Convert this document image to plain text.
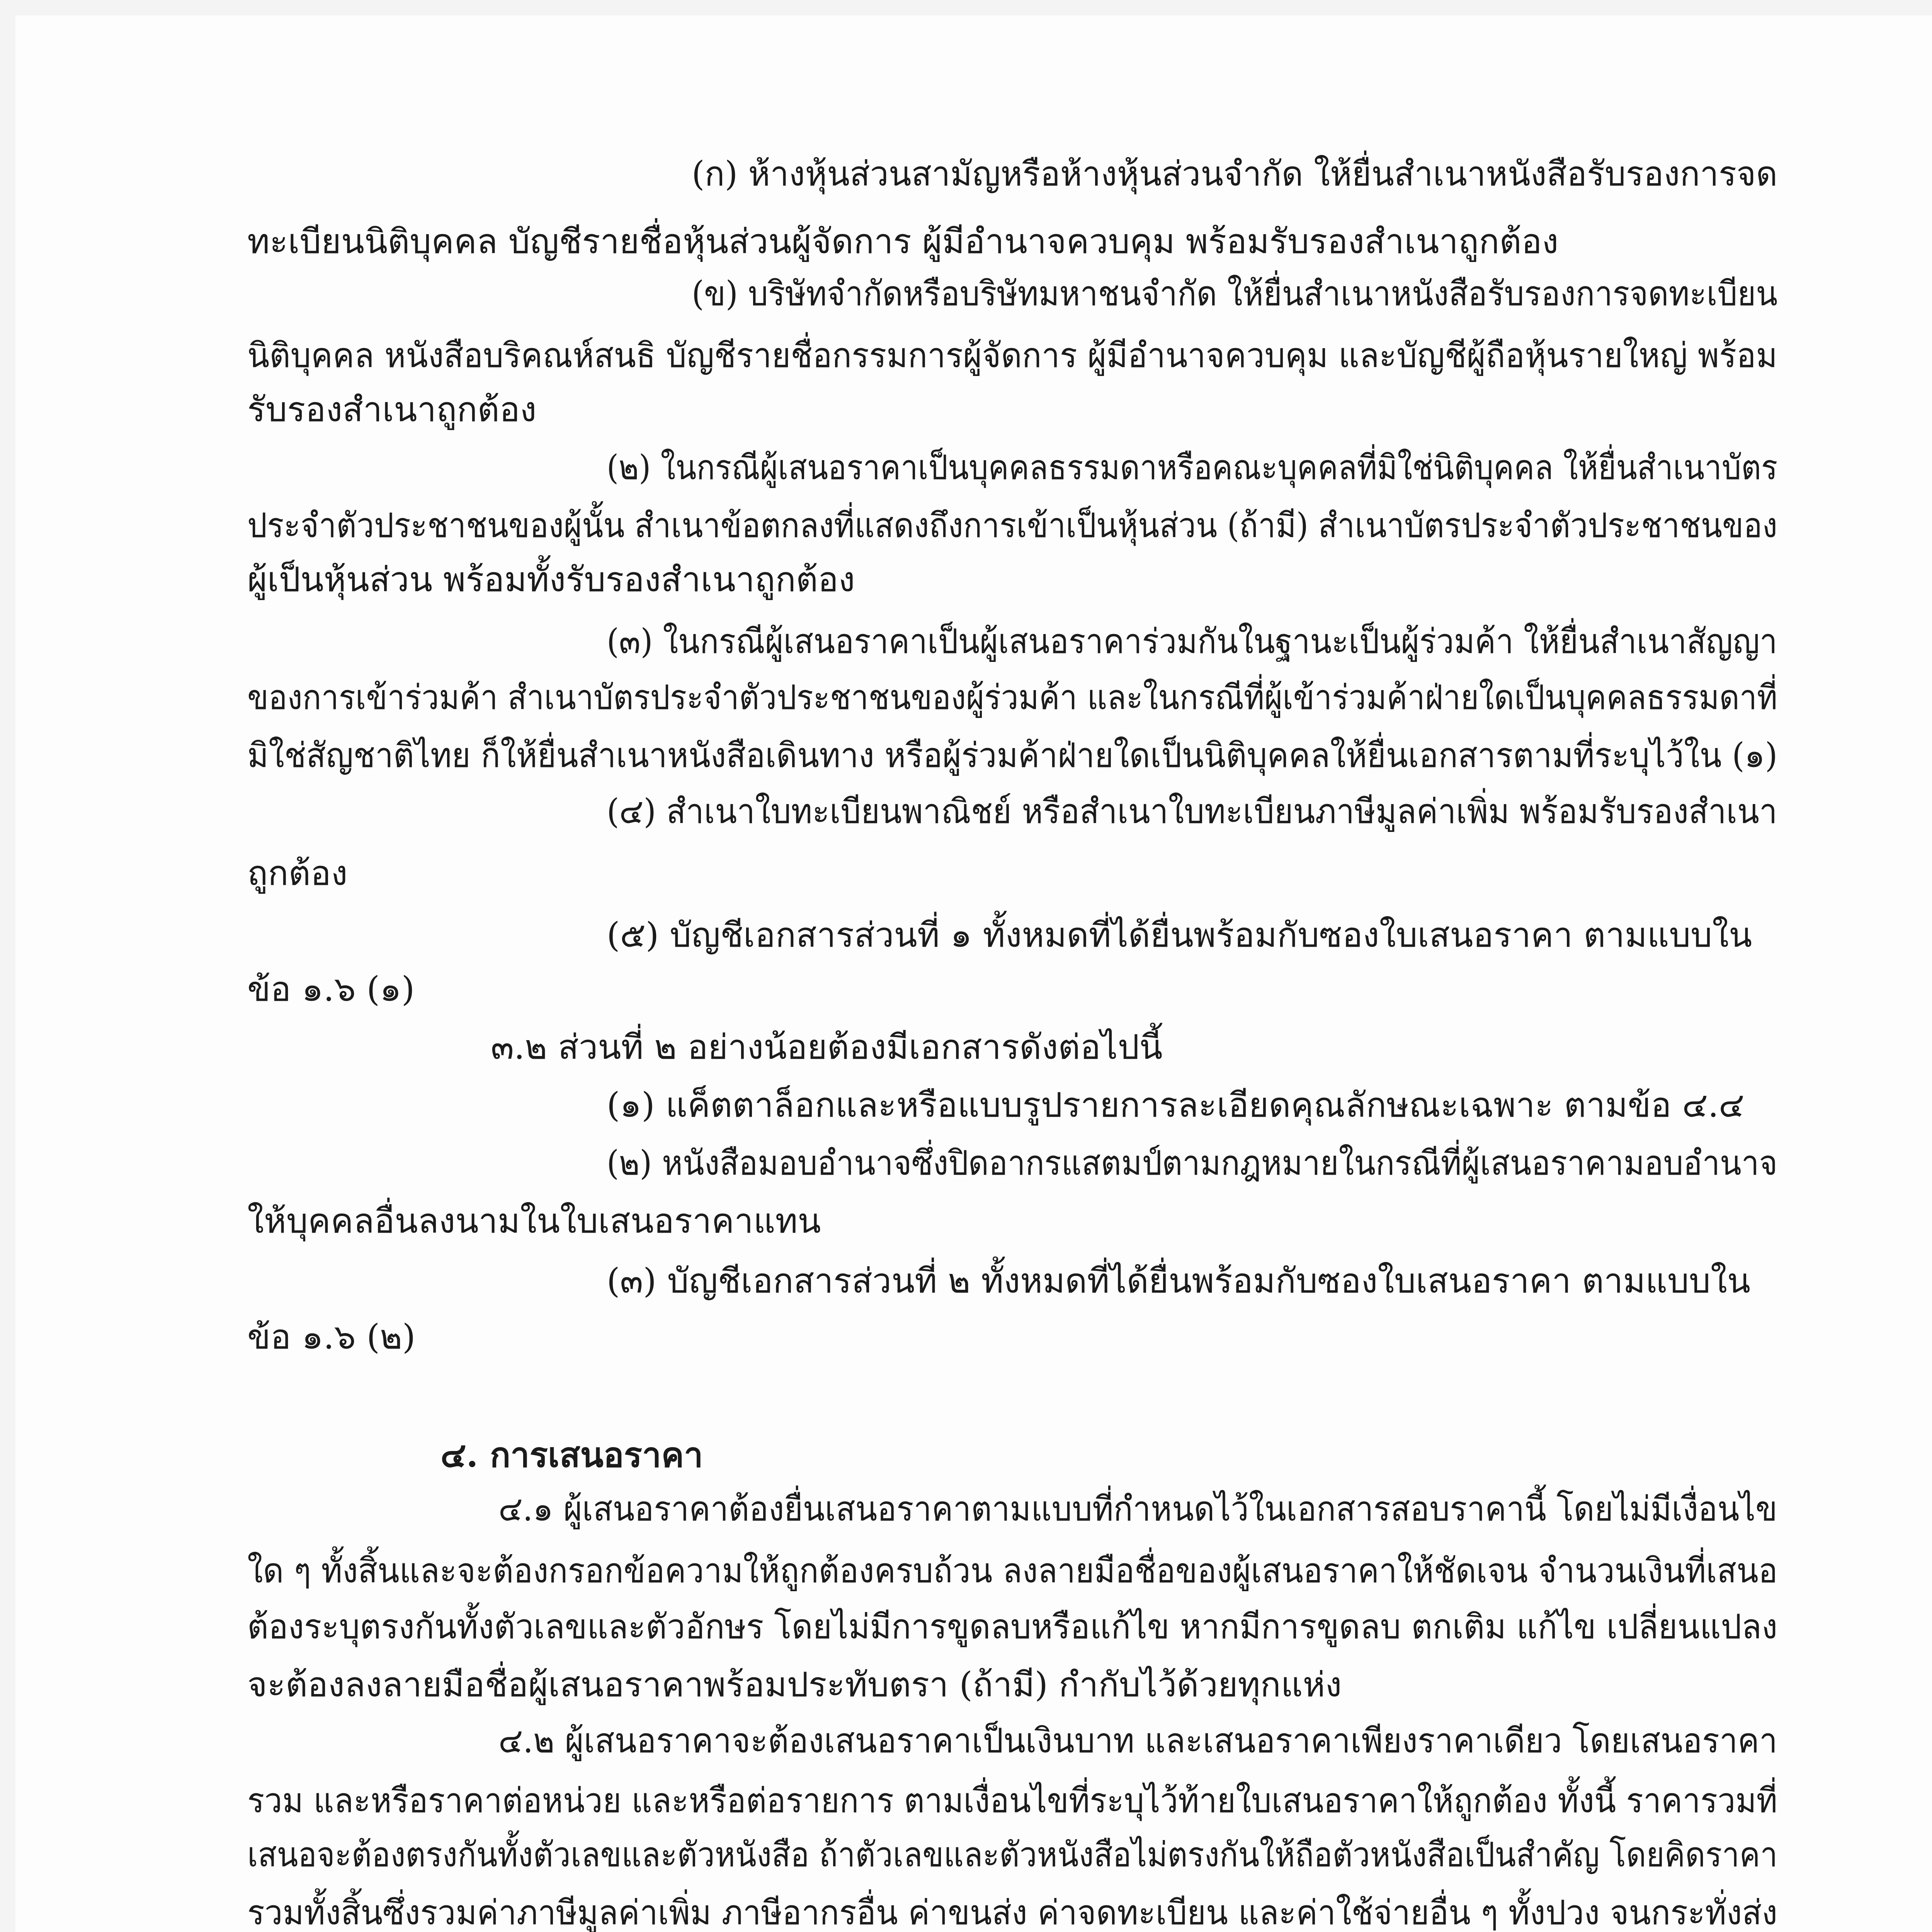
(ก) ห้างหุ้นส่วนสามัญหรือห้างหุ้นส่วนจำกัด ให้ยื่นสำเนาหนังสือรับรองการจด
ทะเบียนนิติบุคคล บัญชีรายชื่อหุ้นส่วนผู้จัดการ ผู้มีอำนาจควบคุม พร้อมรับรองสำเนาถูกต้อง
(ข) บริษัทจำกัดหรือบริษัทมหาชนจำกัด ให้ยื่นสำเนาหนังสือรับรองการจดทะเบียน
นิติบุคคล หนังสือบริคณห์สนธิ บัญชีรายชื่อกรรมการผู้จัดการ ผู้มีอำนาจควบคุม และบัญชีผู้ถือหุ้นรายใหญ่ พร้อม
รับรองสำเนาถูกต้อง
(๒) ในกรณีผู้เสนอราคาเป็นบุคคลธรรมดาหรือคณะบุคคลที่มิใช่นิติบุคคล ให้ยื่นสำเนาบัตร
ประจำตัวประชาชนของผู้นั้น สำเนาข้อตกลงที่แสดงถึงการเข้าเป็นหุ้นส่วน (ถ้ามี) สำเนาบัตรประจำตัวประชาชนของ
ผู้เป็นหุ้นส่วน พร้อมทั้งรับรองสำเนาถูกต้อง
(๓) ในกรณีผู้เสนอราคาเป็นผู้เสนอราคาร่วมกันในฐานะเป็นผู้ร่วมค้า ให้ยื่นสำเนาสัญญา
ของการเข้าร่วมค้า สำเนาบัตรประจำตัวประชาชนของผู้ร่วมค้า และในกรณีที่ผู้เข้าร่วมค้าฝ่ายใดเป็นบุคคลธรรมดาที่
มิใช่สัญชาติไทย ก็ให้ยื่นสำเนาหนังสือเดินทาง หรือผู้ร่วมค้าฝ่ายใดเป็นนิติบุคคลให้ยื่นเอกสารตามที่ระบุไว้ใน (๑)
(๔) สำเนาใบทะเบียนพาณิชย์ หรือสำเนาใบทะเบียนภาษีมูลค่าเพิ่ม พร้อมรับรองสำเนา
ถูกต้อง
(๕) บัญชีเอกสารส่วนที่ ๑ ทั้งหมดที่ได้ยื่นพร้อมกับซองใบเสนอราคา ตามแบบใน
ข้อ ๑.๖ (๑)
๓.๒ ส่วนที่ ๒ อย่างน้อยต้องมีเอกสารดังต่อไปนี้
(๑) แค็ตตาล็อกและหรือแบบรูปรายการละเอียดคุณลักษณะเฉพาะ ตามข้อ ๔.๔
(๒) หนังสือมอบอำนาจซึ่งปิดอากรแสตมป์ตามกฎหมายในกรณีที่ผู้เสนอราคามอบอำนาจ
ให้บุคคลอื่นลงนามในใบเสนอราคาแทน
(๓) บัญชีเอกสารส่วนที่ ๒ ทั้งหมดที่ได้ยื่นพร้อมกับซองใบเสนอราคา ตามแบบใน
ข้อ ๑.๖ (๒)
๔. การเสนอราคา
๔.๑ ผู้เสนอราคาต้องยื่นเสนอราคาตามแบบที่กำหนดไว้ในเอกสารสอบราคานี้ โดยไม่มีเงื่อนไข
ใด ๆ ทั้งสิ้นและจะต้องกรอกข้อความให้ถูกต้องครบถ้วน ลงลายมือชื่อของผู้เสนอราคาให้ชัดเจน จำนวนเงินที่เสนอ
ต้องระบุตรงกันทั้งตัวเลขและตัวอักษร โดยไม่มีการขูดลบหรือแก้ไข หากมีการขูดลบ ตกเติม แก้ไข เปลี่ยนแปลง
จะต้องลงลายมือชื่อผู้เสนอราคาพร้อมประทับตรา (ถ้ามี) กำกับไว้ด้วยทุกแห่ง
๔.๒ ผู้เสนอราคาจะต้องเสนอราคาเป็นเงินบาท และเสนอราคาเพียงราคาเดียว โดยเสนอราคา
รวม และหรือราคาต่อหน่วย และหรือต่อรายการ ตามเงื่อนไขที่ระบุไว้ท้ายใบเสนอราคาให้ถูกต้อง ทั้งนี้ ราคารวมที่
เสนอจะต้องตรงกันทั้งตัวเลขและตัวหนังสือ ถ้าตัวเลขและตัวหนังสือไม่ตรงกันให้ถือตัวหนังสือเป็นสำคัญ โดยคิดราคา
รวมทั้งสิ้นซึ่งรวมค่าภาษีมูลค่าเพิ่ม ภาษีอากรอื่น ค่าขนส่ง ค่าจดทะเบียน และค่าใช้จ่ายอื่น ๆ ทั้งปวง จนกระทั่งส่ง
